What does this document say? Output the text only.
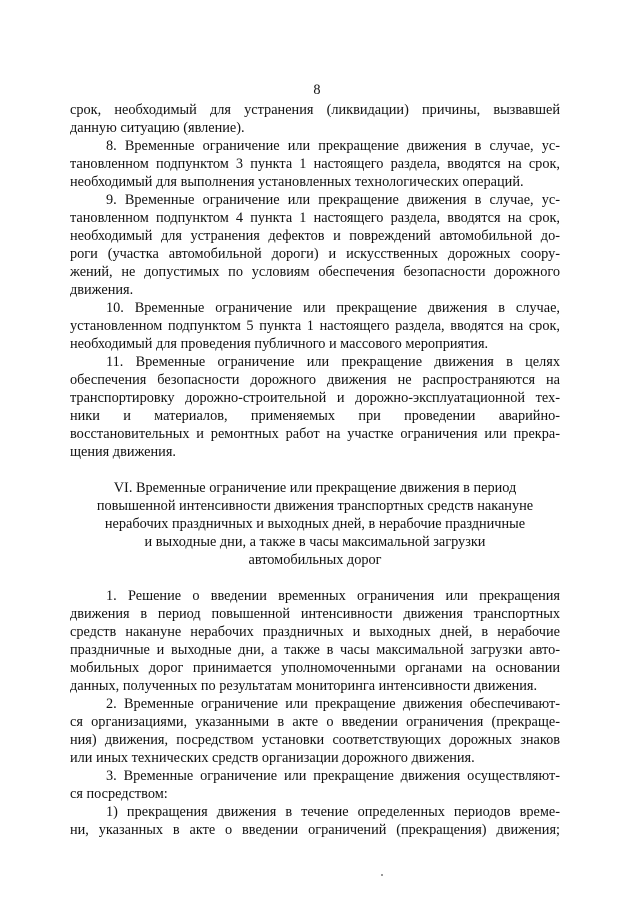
8
срок, необходимый для устранения (ликвидации) причины, вызвавшей
данную ситуацию (явление).
8. Временные ограничение или прекращение движения в случае, ус-
тановленном подпунктом 3 пункта 1 настоящего раздела, вводятся на срок,
необходимый для выполнения установленных технологических операций.
9. Временные ограничение или прекращение движения в случае, ус-
тановленном подпунктом 4 пункта 1 настоящего раздела, вводятся на срок,
необходимый для устранения дефектов и повреждений автомобильной до-
роги (участка автомобильной дороги) и искусственных дорожных соору-
жений, не допустимых по условиям обеспечения безопасности дорожного
движения.
10. Временные ограничение или прекращение движения в случае,
установленном подпунктом 5 пункта 1 настоящего раздела, вводятся на срок,
необходимый для проведения публичного и массового мероприятия.
11. Временные ограничение или прекращение движения в целях
обеспечения безопасности дорожного движения не распространяются на
транспортировку дорожно-строительной и дорожно-эксплуатационной тех-
ники и материалов, применяемых при проведении аварийно-
восстановительных и ремонтных работ на участке ограничения или прекра-
щения движения.
VI. Временные ограничение или прекращение движения в период
повышенной интенсивности движения транспортных средств накануне
нерабочих праздничных и выходных дней, в нерабочие праздничные
и выходные дни, а также в часы максимальной загрузки
автомобильных дорог
1. Решение о введении временных ограничения или прекращения
движения в период повышенной интенсивности движения транспортных
средств накануне нерабочих праздничных и выходных дней, в нерабочие
праздничные и выходные дни, а также в часы максимальной загрузки авто-
мобильных дорог принимается уполномоченными органами на основании
данных, полученных по результатам мониторинга интенсивности движения.
2. Временные ограничение или прекращение движения обеспечивают-
ся организациями, указанными в акте о введении ограничения (прекраще-
ния) движения, посредством установки соответствующих дорожных знаков
или иных технических средств организации дорожного движения.
3. Временные ограничение или прекращение движения осуществляют-
ся посредством:
1) прекращения движения в течение определенных периодов време-
ни, указанных в акте о введении ограничений (прекращения) движения;
